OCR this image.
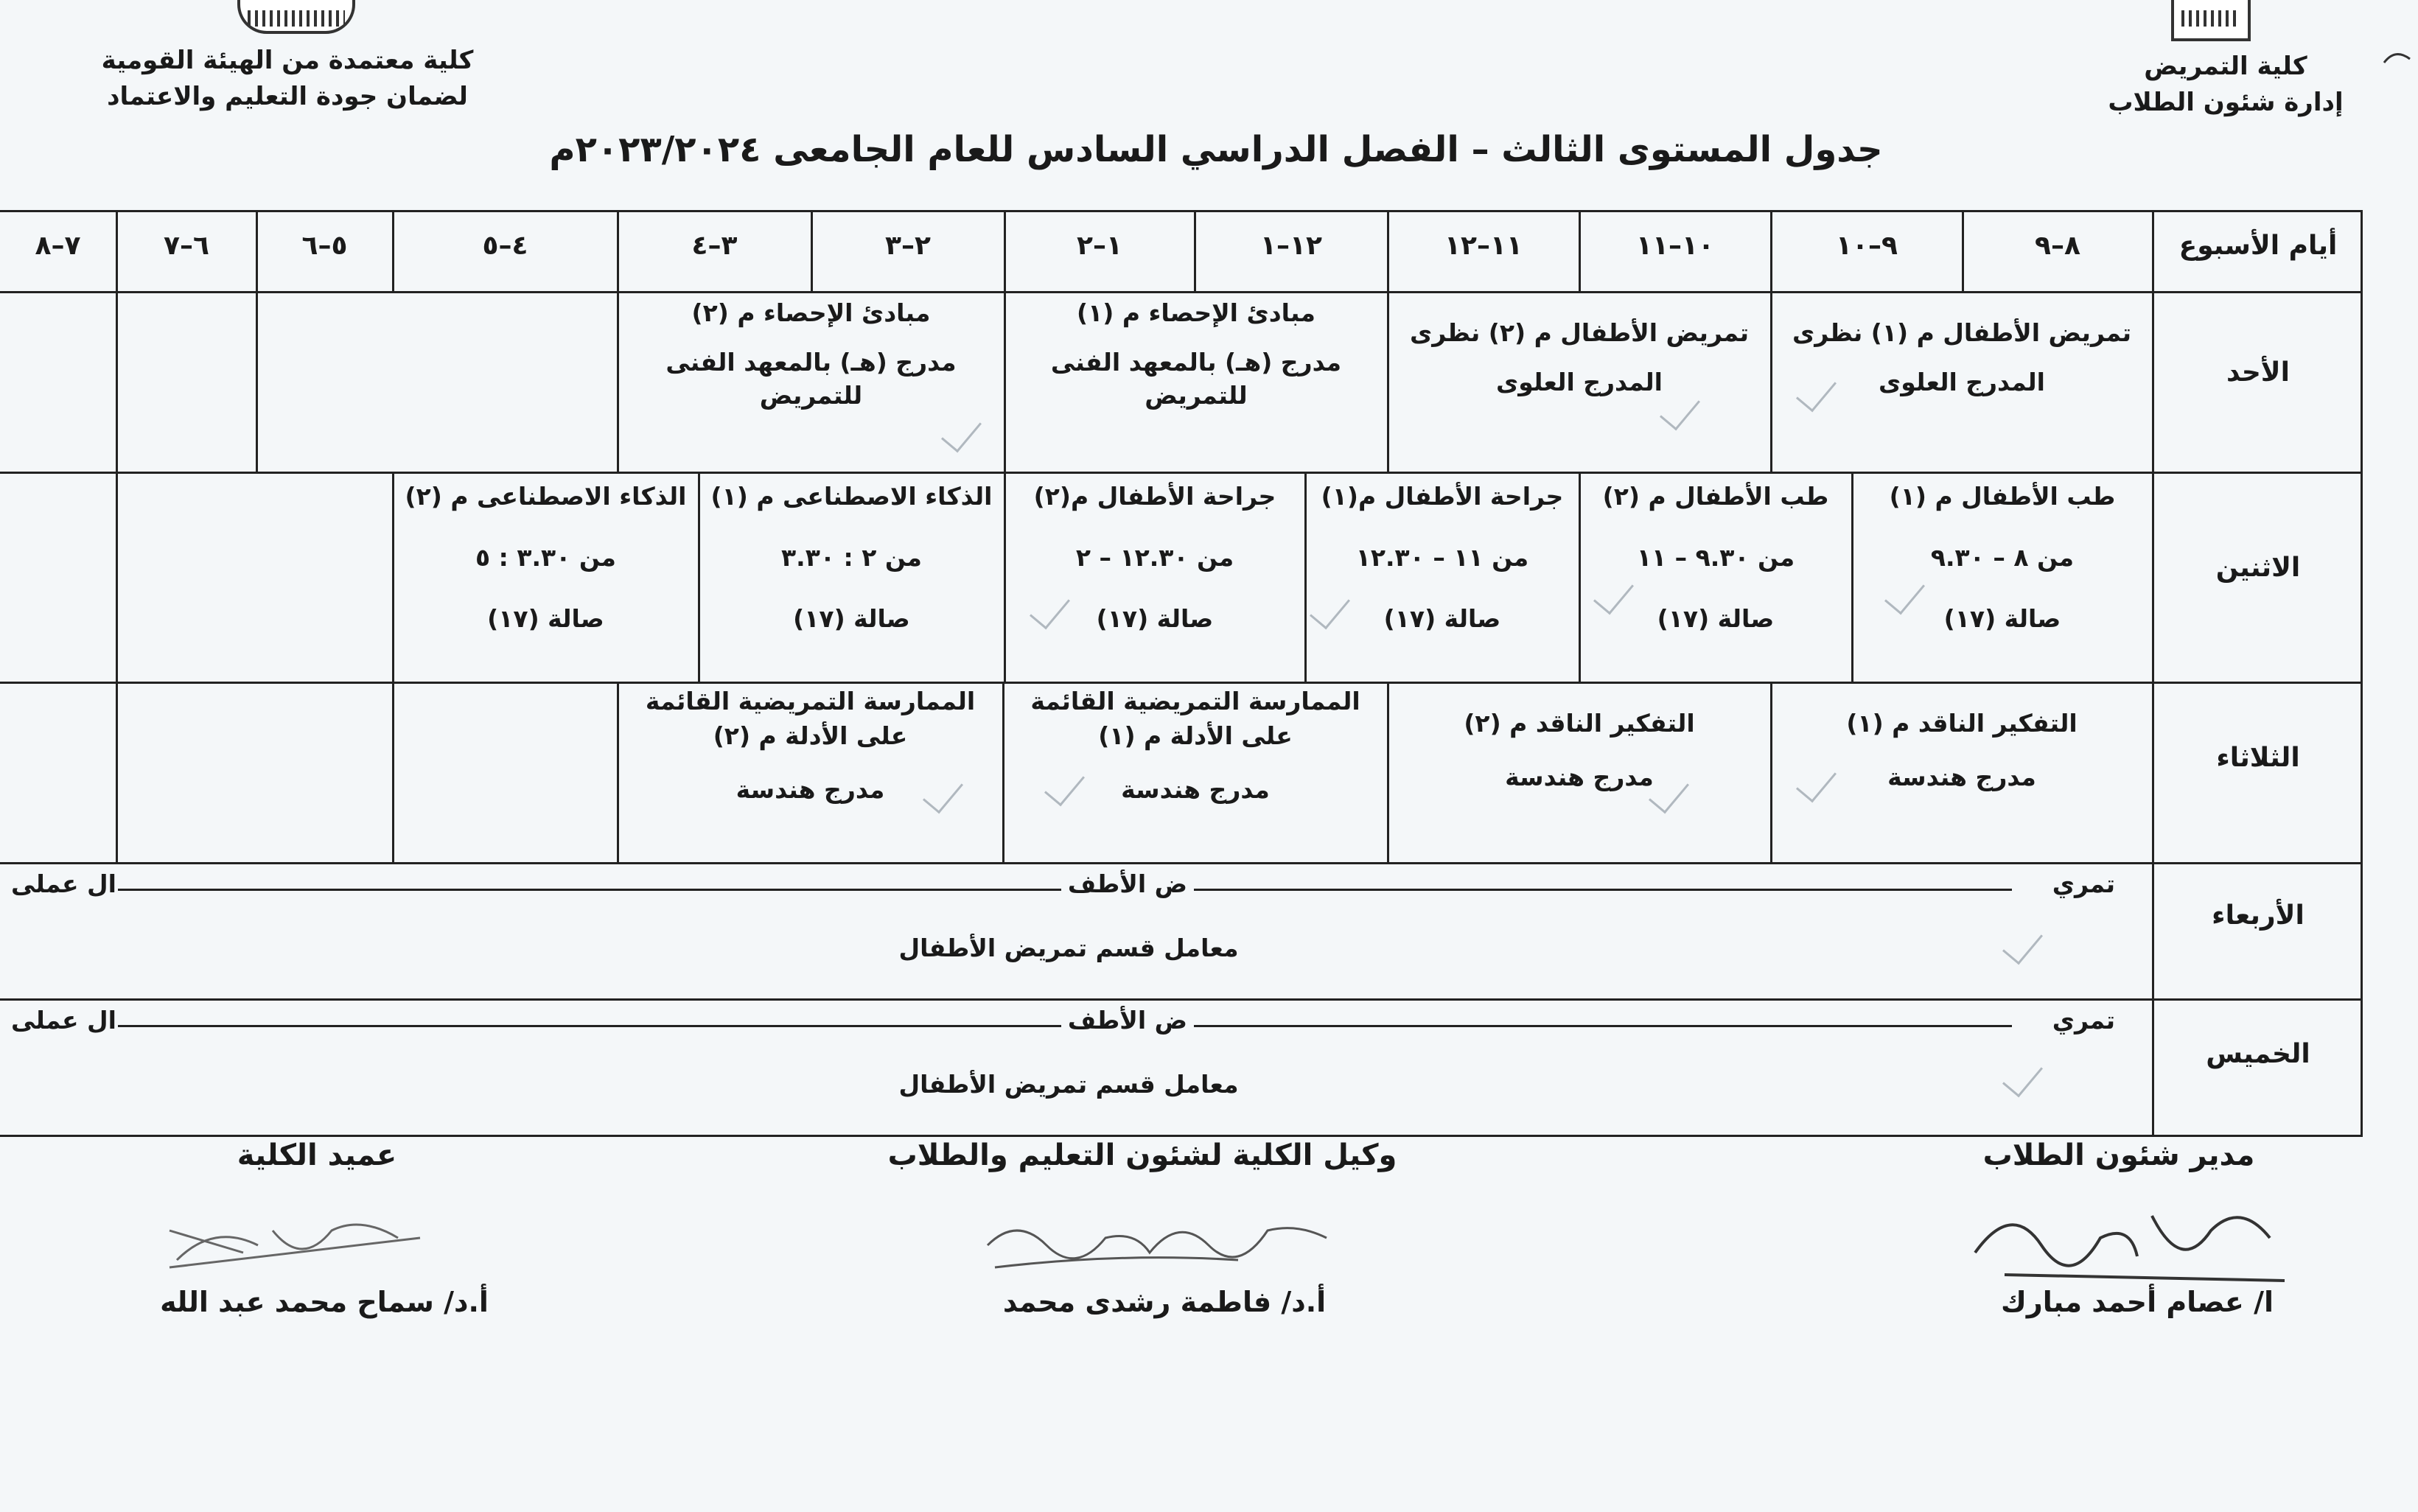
كلية التمريض
إدارة شئون الطلاب
كلية معتمدة من الهيئة القومية
لضمان جودة التعليم والاعتماد
جدول المستوى الثالث – الفصل الدراسي السادس للعام الجامعى ٢٠٢٣/٢٠٢٤م
أيام الأسبوع
٨–٩
٩–١٠
١٠–١١
١١–١٢
١٢–١
١–٢
٢–٣
٣–٤
٤–٥
٥–٦
٦–٧
٧–٨
الأحد
الاثنين
الثلاثاء
الأربعاء
الخميس
تمريض الأطفال م (١) نظرى
المدرج العلوى
تمريض الأطفال م (٢) نظرى
المدرج العلوى
مبادئ الإحصاء م (١)
مدرج (هـ) بالمعهد الفنى
للتمريض
مبادئ الإحصاء م (٢)
مدرج (هـ) بالمعهد الفنى
للتمريض
طب الأطفال م (١)
من ٨ – ٩.٣٠
صالة (١٧)
طب الأطفال م (٢)
من ٩.٣٠ – ١١
صالة (١٧)
جراحة الأطفال م(١)
من ١١ – ١٢.٣٠
صالة (١٧)
جراحة الأطفال م(٢)
من ١٢.٣٠ – ٢
صالة (١٧)
الذكاء الاصطناعى م (١)
من ٢ : ٣.٣٠
صالة (١٧)
الذكاء الاصطناعى م (٢)
من ٣.٣٠ : ٥
صالة (١٧)
التفكير الناقد م (١)
مدرج هندسة
التفكير الناقد م (٢)
مدرج هندسة
الممارسة التمريضية القائمة
على الأدلة م (١)
مدرج هندسة
الممارسة التمريضية القائمة
على الأدلة م (٢)
مدرج هندسة
تمري
ض الأطف
ال عملى
معامل قسم تمريض الأطفال
تمري
ض الأطف
ال عملى
معامل قسم تمريض الأطفال
مدير شئون الطلاب
وكيل الكلية لشئون التعليم والطلاب
عميد الكلية
ا/ عصام أحمد مبارك
أ.د/ فاطمة رشدى محمد
أ.د/ سماح محمد عبد الله
